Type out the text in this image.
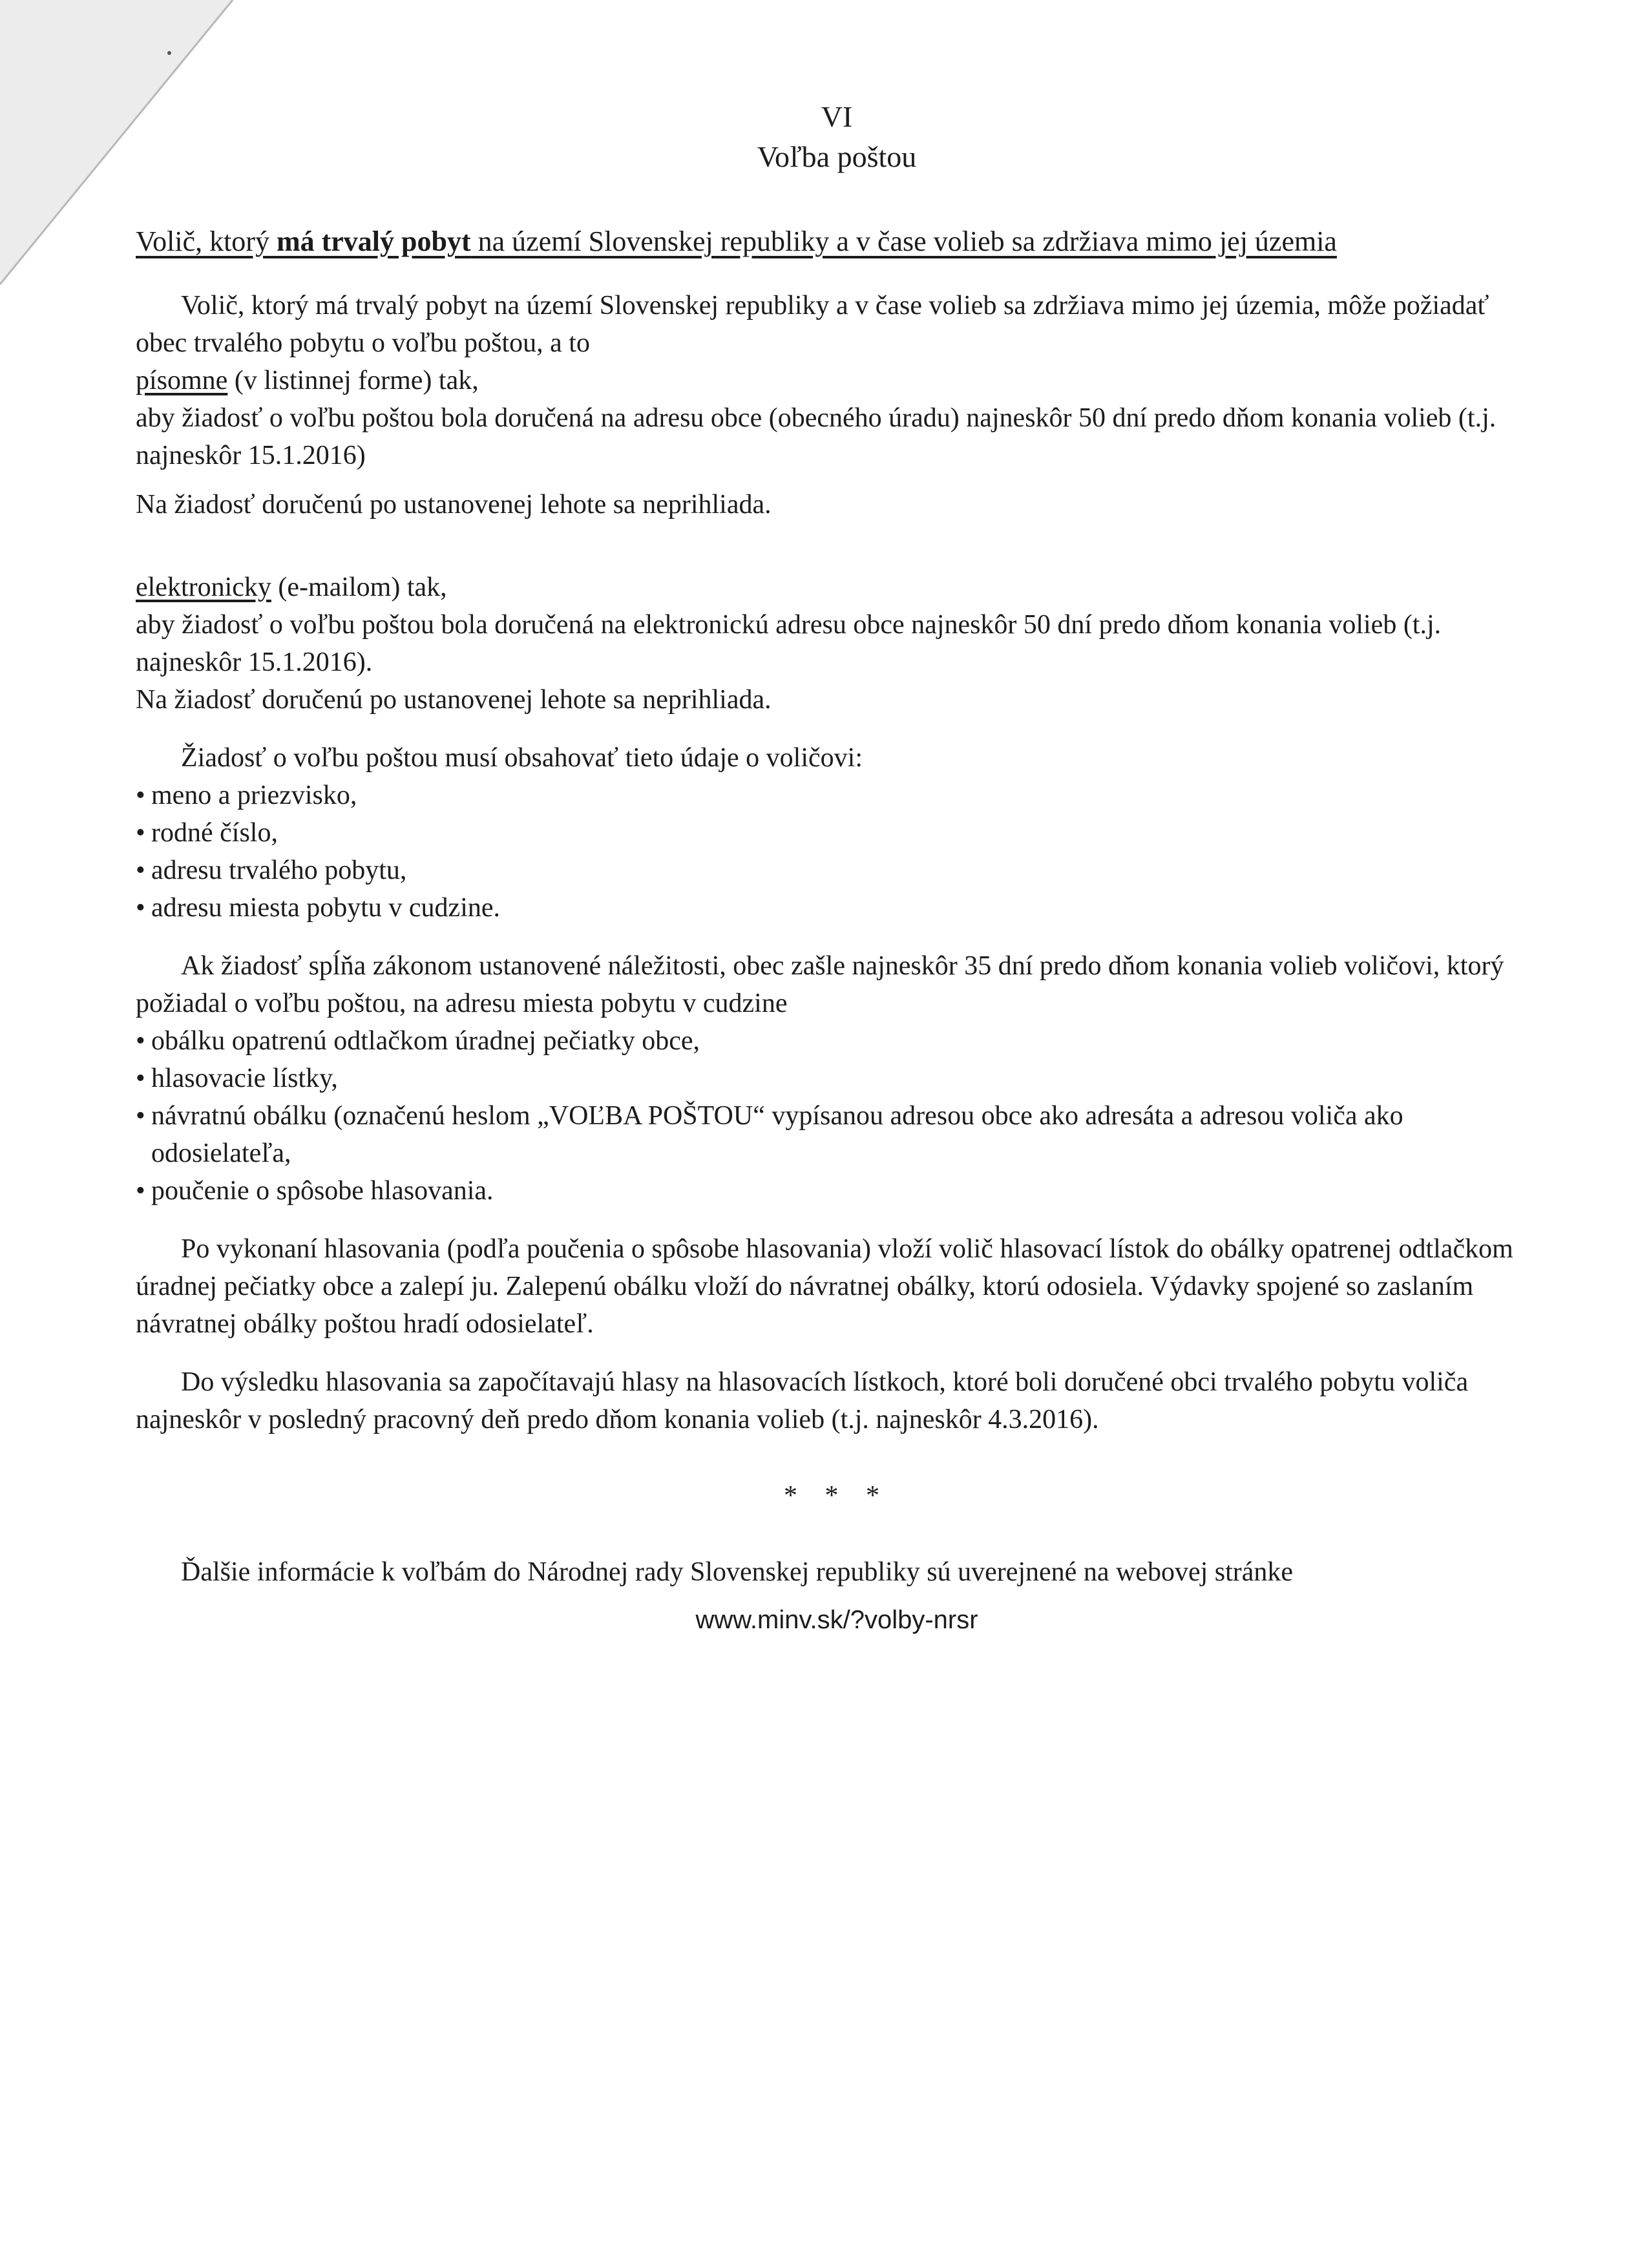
VI

Voľba poštou

Volič, ktorý má trvalý pobyt na území Slovenskej republiky a v čase volieb sa zdržiava mimo jej územia

Volič, ktorý má trvalý pobyt na území Slovenskej republiky a v čase volieb sa zdržiava mimo jej územia, môže požiadať obec trvalého pobytu o voľbu poštou, a to

písomne (v listinnej forme) tak,

aby žiadosť o voľbu poštou bola doručená na adresu obce (obecného úradu) najneskôr 50 dní predo dňom konania volieb (t.j. najneskôr 15.1.2016)

Na žiadosť doručenú po ustanovenej lehote sa neprihliada.

elektronicky (e-mailom) tak,

aby žiadosť o voľbu poštou bola doručená na elektronickú adresu obce najneskôr 50 dní predo dňom konania volieb (t.j. najneskôr 15.1.2016).

Na žiadosť doručenú po ustanovenej lehote sa neprihliada.

Žiadosť o voľbu poštou musí obsahovať tieto údaje o voličovi:

• meno a priezvisko,
• rodné číslo,
• adresu trvalého pobytu,
• adresu miesta pobytu v cudzine.

Ak žiadosť spĺňa zákonom ustanovené náležitosti, obec zašle najneskôr 35 dní predo dňom konania volieb voličovi, ktorý požiadal o voľbu poštou, na adresu miesta pobytu v cudzine

• obálku opatrenú odtlačkom úradnej pečiatky obce,
• hlasovacie lístky,
• návratnú obálku (označenú heslom „VOĽBA POŠTOU“ vypísanou adresou obce ako adresáta a adresou voliča ako odosielateľa,
• poučenie o spôsobe hlasovania.

Po vykonaní hlasovania (podľa poučenia o spôsobe hlasovania) vloží volič hlasovací lístok do obálky opatrenej odtlačkom úradnej pečiatky obce a zalepí ju. Zalepenú obálku vloží do návratnej obálky, ktorú odosiela. Výdavky spojené so zaslaním návratnej obálky poštou hradí odosielateľ.

Do výsledku hlasovania sa započítavajú hlasy na hlasovacích lístkoch, ktoré boli doručené obci trvalého pobytu voliča najneskôr v posledný pracovný deň predo dňom konania volieb (t.j. najneskôr 4.3.2016).

* * *

Ďalšie informácie k voľbám do Národnej rady Slovenskej republiky sú uverejnené na webovej stránke

www.minv.sk/?volby-nrsr
